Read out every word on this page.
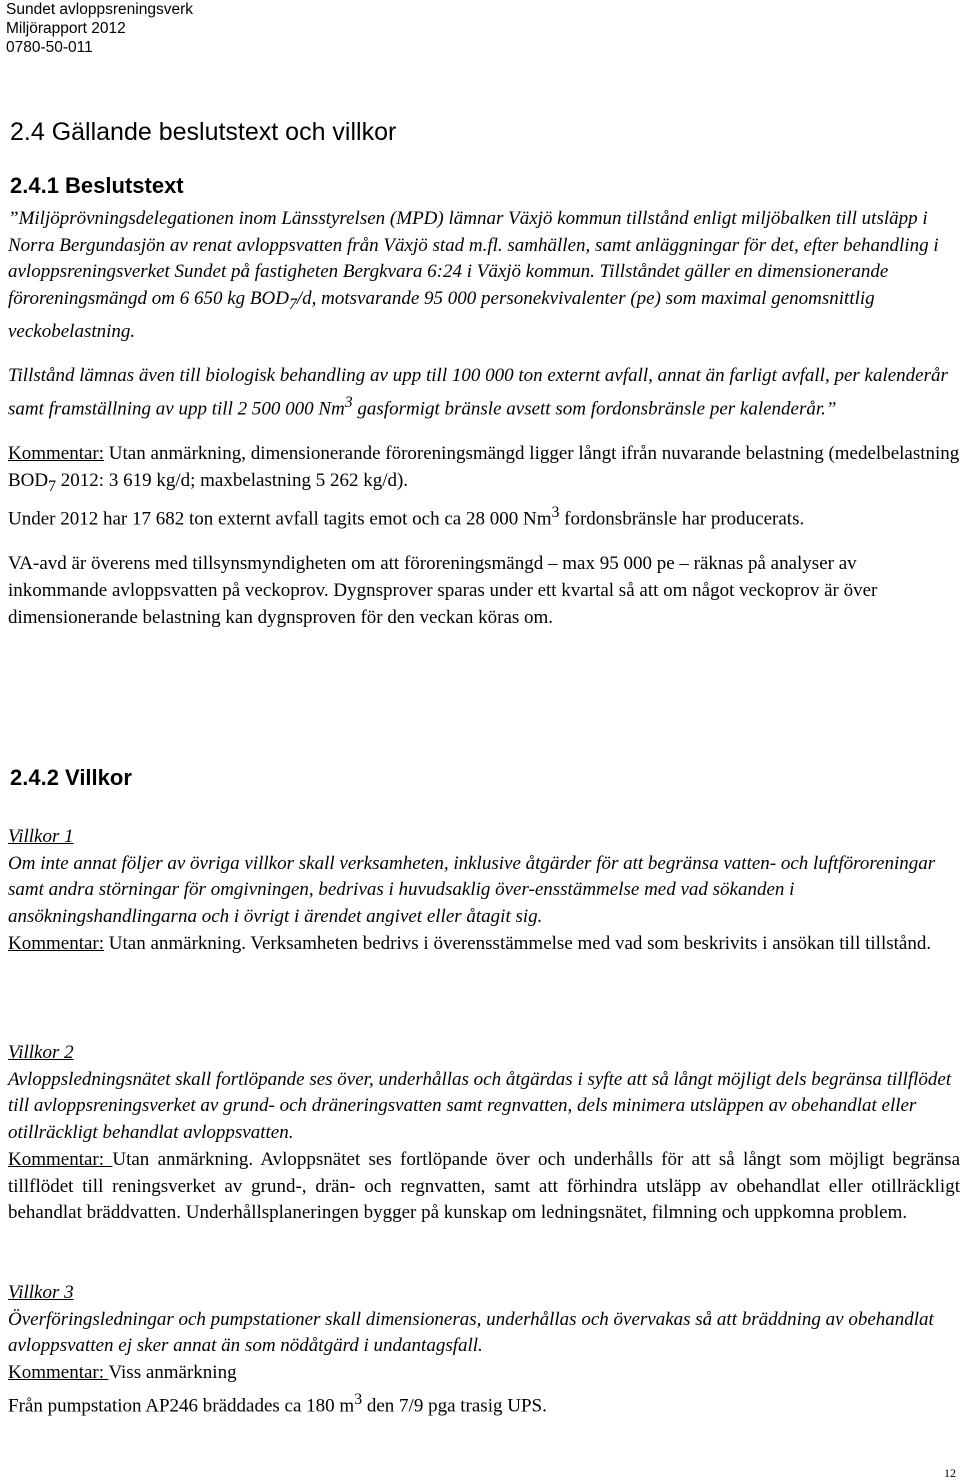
Sundet avloppsreningsverk
Miljörapport 2012
0780-50-011
2.4 Gällande beslutstext och villkor
2.4.1 Beslutstext

”Miljöprövningsdelegationen inom Länsstyrelsen (MPD) lämnar Växjö kommun tillstånd enligt miljöbalken till utsläpp i Norra Bergundasjön av renat avloppsvatten från Växjö stad m.fl. samhällen, samt anläggningar för det, efter behandling i avloppsreningsverket Sundet på fastigheten Bergkvara 6:24 i Växjö kommun. Tillståndet gäller en dimensionerande föroreningsmängd om 6 650 kg $BOD_7/d$, motsvarande 95 000 personekvivalenter (pe) som maximal genomsnittlig veckobelastning.

Tillstånd lämnas även till biologisk behandling av upp till 100 000 ton externt avfall, annat än farligt avfall, per kalenderår samt framställning av upp till 2 500 000 Nm$^3$ gasformigt bränsle avsett som fordonsbränsle per kalenderår.”

Kommentar: Utan anmärkning, dimensionerande föroreningsmängd ligger långt ifrån nuvarande belastning (medelbelastning $BOD_7$ 2012: 3 619 kg/d; maxbelastning 5 262 kg/d).

Under 2012 har 17 682 ton externt avfall tagits emot och ca 28 000 Nm$^3$ fordonsbränsle har producerats.

VA-avd är överens med tillsynsmyndigheten om att föroreningsmängd – max 95 000 pe – räknas på analyser av inkommande avloppsvatten på veckoprov. Dygnsprover sparas under ett kvartal så att om något veckoprov är över dimensionerande belastning kan dygnsproven för den veckan köras om.

2.4.2 Villkor

Villkor 1

Om inte annat följer av övriga villkor skall verksamheten, inklusive åtgärder för att begränsa vatten- och luftföroreningar samt andra störningar för omgivningen, bedrivas i huvudsaklig över-ensstämmelse med vad sökanden i ansökningshandlingarna och i övrigt i ärendet angivet eller åtagit sig.

Kommentar: Utan anmärkning. Verksamheten bedrivs i överensstämmelse med vad som beskrivits i ansökan till tillstånd.

Villkor 2

Avloppsledningsnätet skall fortlöpande ses över, underhållas och åtgärdas i syfte att så långt möjligt dels begränsa tillflödet till avloppsreningsverket av grund- och dräneringsvatten samt regnvatten, dels minimera utsläppen av obehandlat eller otillräckligt behandlat avloppsvatten.

Kommentar: Utan anmärkning. Avloppsnätet ses fortlöpande över och underhålls för att så långt som möjligt begränsa tillflödet till reningsverket av grund-, drän- och regnvatten, samt att förhindra utsläpp av obehandlat eller otillräckligt behandlat bräddvatten. Underhållsplaneringen bygger på kunskap om ledningsnätet, filmning och uppkomna problem.

Villkor 3

Överföringsledningar och pumpstationer skall dimensioneras, underhållas och övervakas så att bräddning av obehandlat avloppsvatten ej sker annat än som nödåtgärd i undantagsfall.

Kommentar: Viss anmärkning

Från pumpstation AP246 bräddades ca 180 $m^3$ den 7/9 pga trasig UPS.

12
